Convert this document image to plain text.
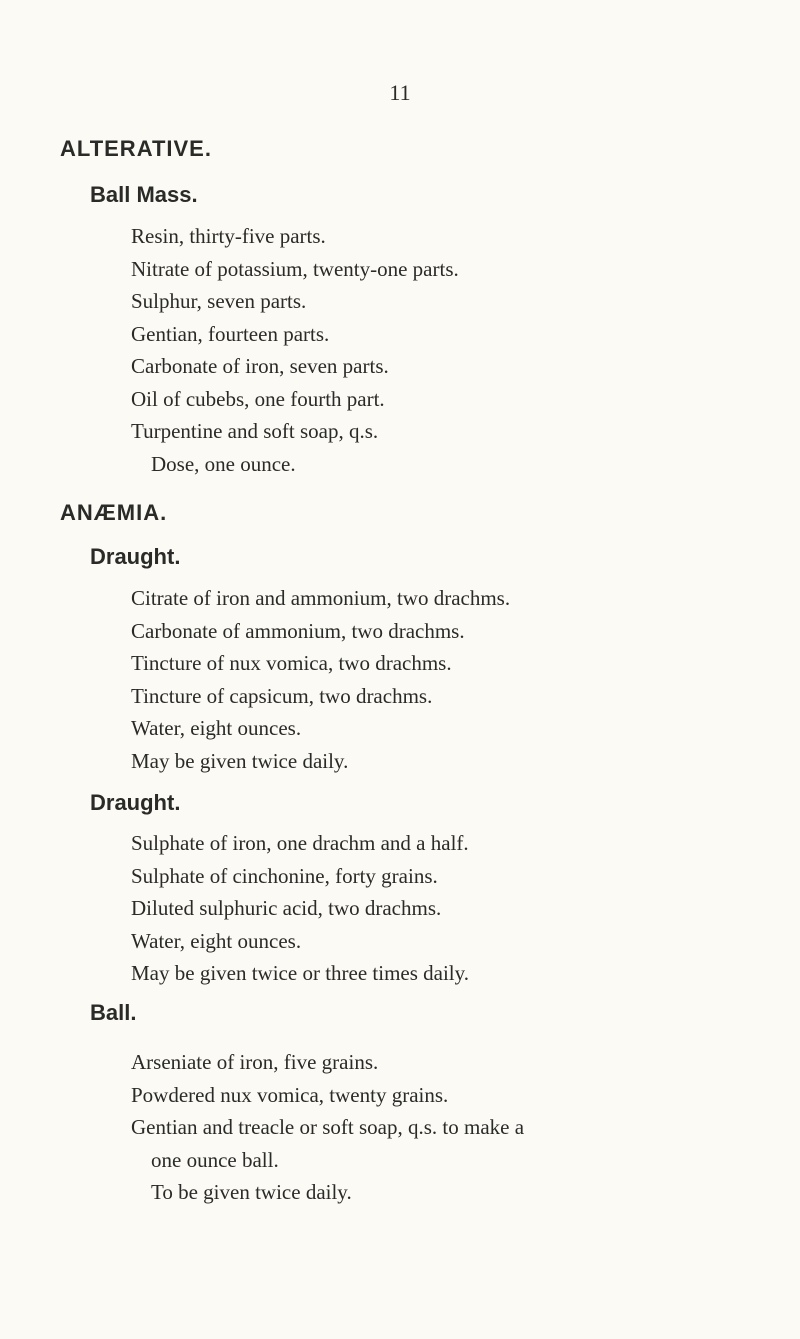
11
ALTERATIVE.
Ball Mass.
Resin, thirty-five parts.
Nitrate of potassium, twenty-one parts.
Sulphur, seven parts.
Gentian, fourteen parts.
Carbonate of iron, seven parts.
Oil of cubebs, one fourth part.
Turpentine and soft soap, q.s.
Dose, one ounce.
ANÆMIA.
Draught.
Citrate of iron and ammonium, two drachms.
Carbonate of ammonium, two drachms.
Tincture of nux vomica, two drachms.
Tincture of capsicum, two drachms.
Water, eight ounces.
May be given twice daily.
Draught.
Sulphate of iron, one drachm and a half.
Sulphate of cinchonine, forty grains.
Diluted sulphuric acid, two drachms.
Water, eight ounces.
May be given twice or three times daily.
Ball.
Arseniate of iron, five grains.
Powdered nux vomica, twenty grains.
Gentian and treacle or soft soap, q.s. to make a
one ounce ball.
To be given twice daily.
